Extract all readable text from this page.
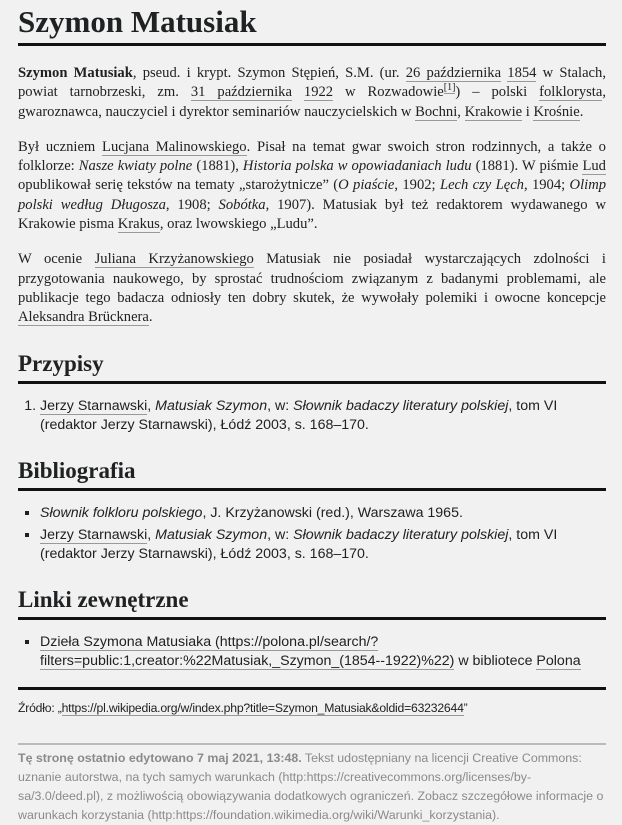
Szymon Matusiak

Szymon Matusiak, pseud. i krypt. Szymon Stępień, S.M. (ur. 26 października 1854 w Stalach, powiat tarnobrzeski, zm. 31 października 1922 w Rozwadowie[1]) – polski folklorysta, gwaroznawca, nauczyciel i dyrektor seminariów nauczycielskich w Bochni, Krakowie i Krośnie.

Był uczniem Lucjana Malinowskiego. Pisał na temat gwar swoich stron rodzinnych, a także o folklorze: Nasze kwiaty polne (1881), Historia polska w opowiadaniach ludu (1881). W piśmie Lud opublikował serię tekstów na tematy „starożytnicze” (O piaście, 1902; Lech czy Lęch, 1904; Olimp polski według Długosza, 1908; Sobótka, 1907). Matusiak był też redaktorem wydawanego w Krakowie pisma Krakus, oraz lwowskiego „Ludu”.

W ocenie Juliana Krzyżanowskiego Matusiak nie posiadał wystarczających zdolności i przygotowania naukowego, by sprostać trudnościom związanym z badanymi problemami, ale publikacje tego badacza odniosły ten dobry skutek, że wywołały polemiki i owocne koncepcje Aleksandra Brücknera.

Przypisy
1. Jerzy Starnawski, Matusiak Szymon, w: Słownik badaczy literatury polskiej, tom VI (redaktor Jerzy Starnawski), Łódź 2003, s. 168–170.
Bibliografia
▪ Słownik folkloru polskiego, J. Krzyżanowski (red.), Warszawa 1965.
▪ Jerzy Starnawski, Matusiak Szymon, w: Słownik badaczy literatury polskiej, tom VI (redaktor Jerzy Starnawski), Łódź 2003, s. 168–170.
Linki zewnętrzne
▪ Dzieła Szymona Matusiaka (https://polona.pl/search/?filters=public:1,creator:%22Matusiak,_Szymon_(1854--1922)%22) w bibliotece Polona
Źródło: „https://pl.wikipedia.org/w/index.php?title=Szymon_Matusiak&oldid=63232644”
Tę stronę ostatnio edytowano 7 maj 2021, 13:48. Tekst udostępniany na licencji Creative Commons: uznanie autorstwa, na tych samych warunkach (http:https://creativecommons.org/licenses/by-sa/3.0/deed.pl), z możliwością obowiązywania dodatkowych ograniczeń. Zobacz szczegółowe informacje o warunkach korzystania (http:https://foundation.wikimedia.org/wiki/Warunki_korzystania).
